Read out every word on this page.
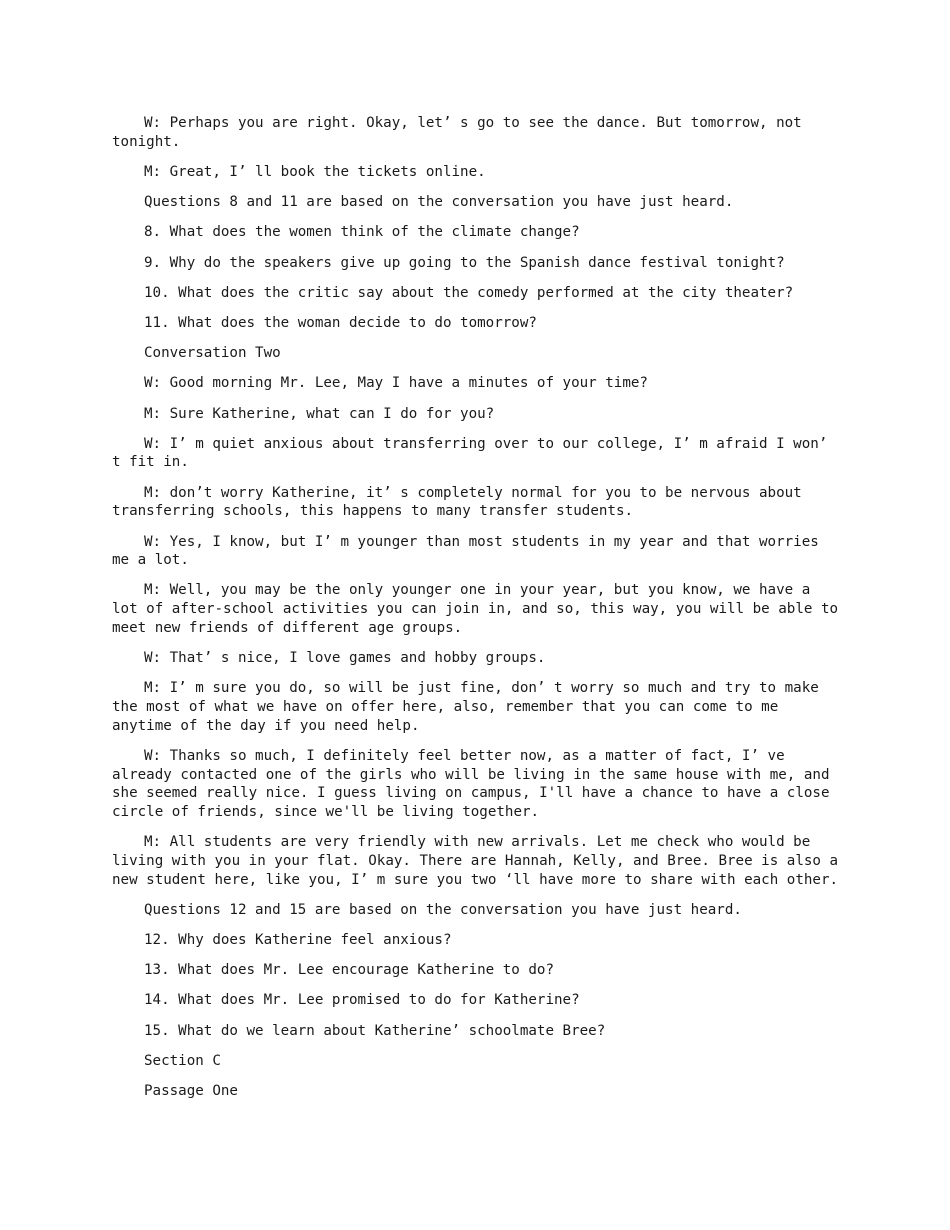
W: Perhaps you are right. Okay, let’ s go to see the dance. But tomorrow, not tonight.

M: Great, I’ ll book the tickets online.

Questions 8 and 11 are based on the conversation you have just heard.

8. What does the women think of the climate change?

9. Why do the speakers give up going to the Spanish dance festival tonight?

10. What does the critic say about the comedy performed at the city theater?

11. What does the woman decide to do tomorrow?

Conversation Two

W: Good morning Mr. Lee, May I have a minutes of your time?

M: Sure Katherine, what can I do for you?

W: I’ m quiet anxious about transferring over to our college, I’ m afraid I won’ t fit in.

M: don’t worry Katherine, it’ s completely normal for you to be nervous about transferring schools, this happens to many transfer students.

W: Yes, I know, but I’ m younger than most students in my year and that worries me a lot.

M: Well, you may be the only younger one in your year, but you know, we have a lot of after-school activities you can join in, and so, this way, you will be able to meet new friends of different age groups.

W: That’ s nice, I love games and hobby groups.

M: I’ m sure you do, so will be just fine, don’ t worry so much and try to make the most of what we have on offer here, also, remember that you can come to me anytime of the day if you need help.

W: Thanks so much, I definitely feel better now, as a matter of fact, I’ ve already contacted one of the girls who will be living in the same house with me, and she seemed really nice. I guess living on campus, I'll have a chance to have a close circle of friends, since we'll be living together.

M: All students are very friendly with new arrivals. Let me check who would be living with you in your flat. Okay. There are Hannah, Kelly, and Bree. Bree is also a new student here, like you, I’ m sure you two ‘ll have more to share with each other.

Questions 12 and 15 are based on the conversation you have just heard.

12. Why does Katherine feel anxious?

13. What does Mr. Lee encourage Katherine to do?

14. What does Mr. Lee promised to do for Katherine?

15. What do we learn about Katherine’ schoolmate Bree?

Section C

Passage One
